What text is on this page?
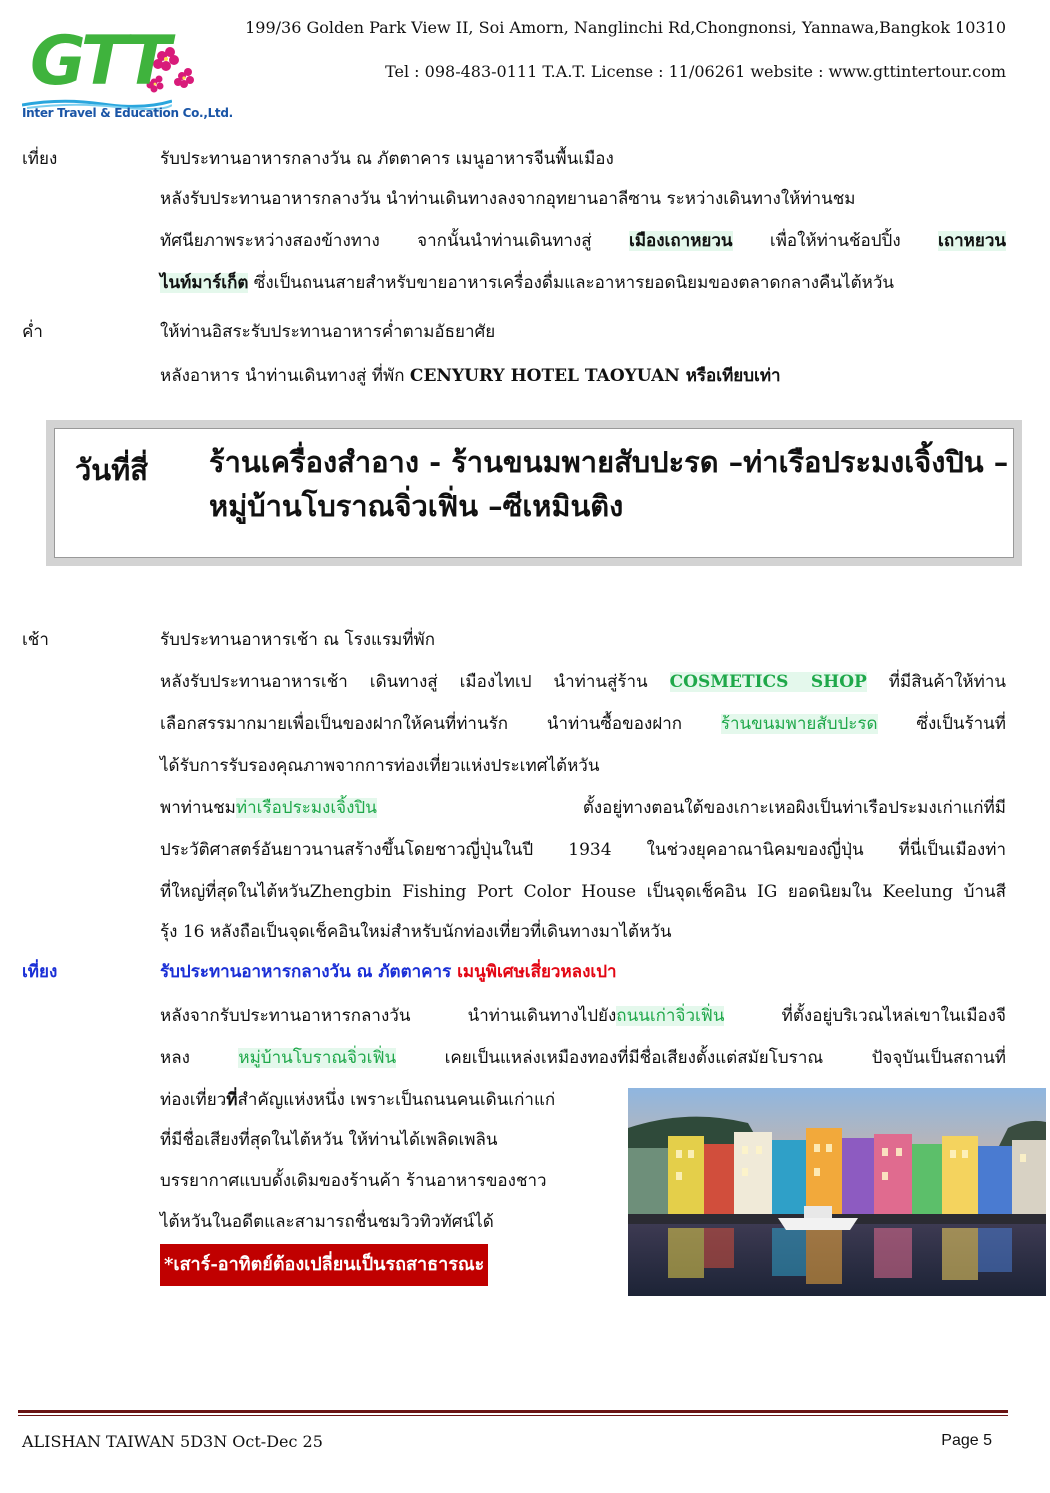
GTT
Inter Travel & Education Co.,Ltd.
199/36 Golden Park View II, Soi Amorn, Nanglinchi Rd,Chongnonsi, Yannawa,Bangkok 10310
Tel : 098-483-0111 T.A.T. License : 11/06261 website : www.gttintertour.com
เที่ยง	รับประทานอาหารกลางวัน ณ ภัตตาคาร เมนูอาหารจีนพื้นเมือง
หลังรับประทานอาหารกลางวัน นำท่านเดินทางลงจากอุทยานอาลีซาน ระหว่างเดินทางให้ท่านชม
ทัศนียภาพระหว่างสองข้างทาง จากนั้นนำท่านเดินทางสู่ เมืองเถาหยวน เพื่อให้ท่านช้อปปิ้ง เถาหยวน
ไนท์มาร์เก็ต ซึ่งเป็นถนนสายสำหรับขายอาหารเครื่องดื่มและอาหารยอดนิยมของตลาดกลางคืนไต้หวัน
ค่ำ	ให้ท่านอิสระรับประทานอาหารค่ำตามอัธยาศัย
หลังอาหาร นำท่านเดินทางสู่ ที่พัก CENYURY HOTEL TAOYUAN หรือเทียบเท่า
วันที่สี่ ร้านเครื่องสำอาง - ร้านขนมพายสับปะรด –ท่าเรือประมงเจิ้งปิน –
หมู่บ้านโบราณจิ่วเฟิ่น –ซีเหมินติง
เช้า	รับประทานอาหารเช้า ณ โรงแรมที่พัก
หลังรับประทานอาหารเช้า เดินทางสู่ เมืองไทเป นำท่านสู่ร้าน COSMETICS SHOP ที่มีสินค้าให้ท่าน
เลือกสรรมากมายเพื่อเป็นของฝากให้คนที่ท่านรัก นำท่านซื้อของฝาก ร้านขนมพายสับปะรด ซึ่งเป็นร้านที่
ได้รับการรับรองคุณภาพจากการท่องเที่ยวแห่งประเทศไต้หวัน
พาท่านชมท่าเรือประมงเจิ้งปิน ตั้งอยู่ทางตอนใต้ของเกาะเหอผิงเป็นท่าเรือประมงเก่าแก่ที่มี
ประวัติศาสตร์อันยาวนานสร้างขึ้นโดยชาวญี่ปุ่นในปี 1934 ในช่วงยุคอาณานิคมของญี่ปุ่น ที่นี่เป็นเมืองท่า
ที่ใหญ่ที่สุดในไต้หวันZhengbin Fishing Port Color House เป็นจุดเช็คอิน IG ยอดนิยมใน Keelung บ้านสี
รุ้ง 16 หลังถือเป็นจุดเช็คอินใหม่สำหรับนักท่องเที่ยวที่เดินทางมาไต้หวัน
เที่ยง	รับประทานอาหารกลางวัน ณ ภัตตาคาร เมนูพิเศษเสี่ยวหลงเปา
หลังจากรับประทานอาหารกลางวัน นำท่านเดินทางไปยังถนนเก่าจิ่วเฟิ่น ที่ตั้งอยู่บริเวณไหล่เขาในเมืองจี
หลง หมู่บ้านโบราณจิ่วเฟิ่น เคยเป็นแหล่งเหมืองทองที่มีชื่อเสียงตั้งแต่สมัยโบราณ ปัจจุบันเป็นสถานที่
ท่องเที่ยวที่สำคัญแห่งหนึ่ง เพราะเป็นถนนคนเดินเก่าแก่
ที่มีชื่อเสียงที่สุดในไต้หวัน ให้ท่านได้เพลิดเพลิน
บรรยากาศแบบดั้งเดิมของร้านค้า ร้านอาหารของชาว
ไต้หวันในอดีตและสามารถชื่นชมวิวทิวทัศน์ได้
*เสาร์-อาทิตย์ต้องเปลี่ยนเป็นรถสาธารณะ
ALISHAN TAIWAN 5D3N Oct-Dec 25	Page 5
